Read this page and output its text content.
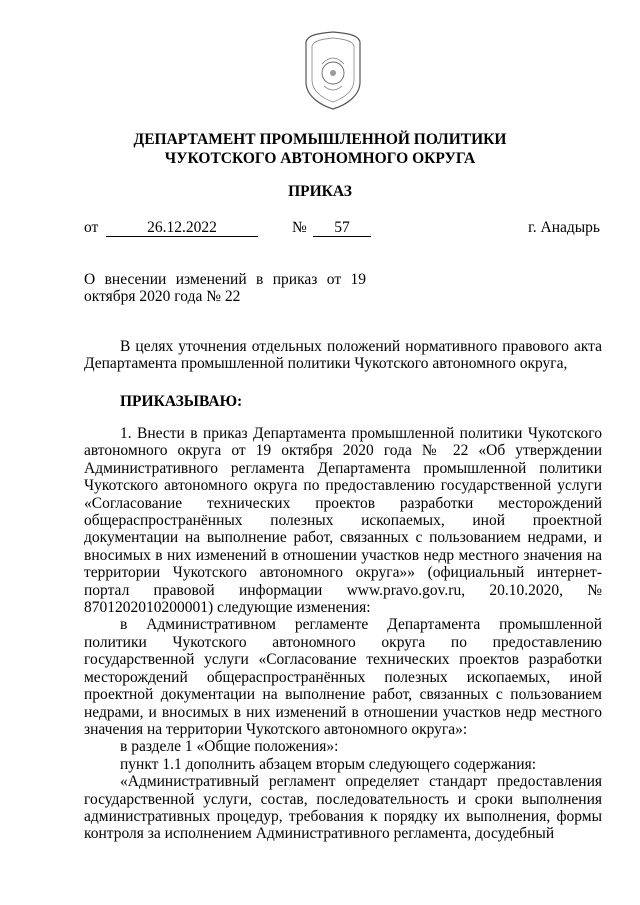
ДЕПАРТАМЕНТ ПРОМЫШЛЕННОЙ ПОЛИТИКИ
ЧУКОТСКОГО АВТОНОМНОГО ОКРУГА
ПРИКАЗ
от	26.12.2022	№	57	г. Анадырь
О внесении изменений в приказ от 19 октября 2020 года № 22

В целях уточнения отдельных положений нормативного правового акта Департамента промышленной политики Чукотского автономного округа,

ПРИКАЗЫВАЮ:

1. Внести в приказ Департамента промышленной политики Чукотского автономного округа от 19 октября 2020 года № 22 «Об утверждении Административного регламента Департамента промышленной политики Чукотского автономного округа по предоставлению государственной услуги «Согласование технических проектов разработки месторождений общераспространённых полезных ископаемых, иной проектной документации на выполнение работ, связанных с пользованием недрами, и вносимых в них изменений в отношении участков недр местного значения на территории Чукотского автономного округа»» (официальный интернет-портал правовой информации www.pravo.gov.ru, 20.10.2020, № 8701202010200001) следующие изменения:

в Административном регламенте Департамента промышленной политики Чукотского автономного округа по предоставлению государственной услуги «Согласование технических проектов разработки месторождений общераспространённых полезных ископаемых, иной проектной документации на выполнение работ, связанных с пользованием недрами, и вносимых в них изменений в отношении участков недр местного значения на территории Чукотского автономного округа»:

в разделе 1 «Общие положения»:

пункт 1.1 дополнить абзацем вторым следующего содержания:

«Административный регламент определяет стандарт предоставления государственной услуги, состав, последовательность и сроки выполнения административных процедур, требования к порядку их выполнения, формы контроля за исполнением Административного регламента, досудебный
